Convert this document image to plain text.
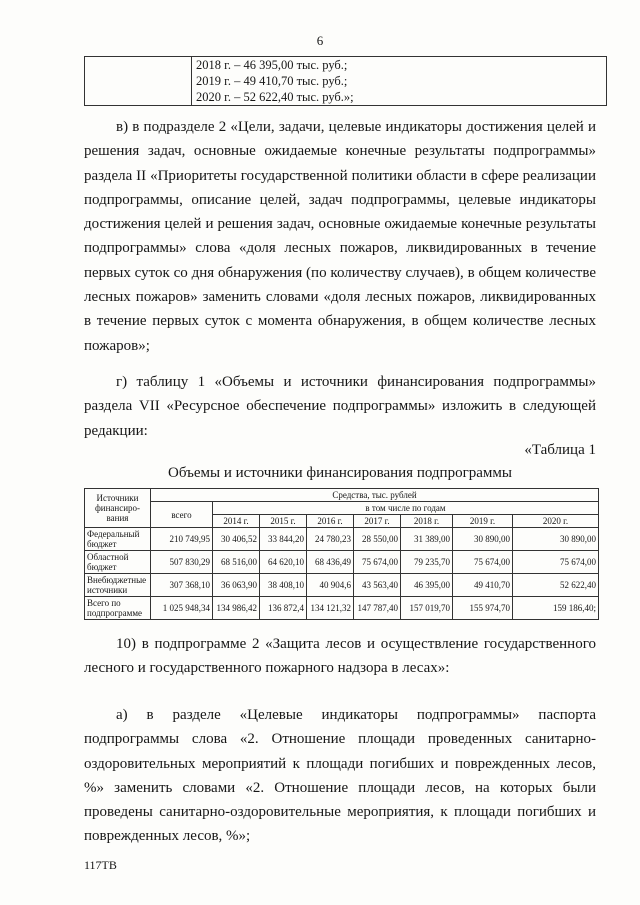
6

2018 г. – 46 395,00 тыс. руб.;
2019 г. – 49 410,70 тыс. руб.;
2020 г. – 52 622,40 тыс. руб.»;

в) в подразделе 2 «Цели, задачи, целевые индикаторы достижения целей и решения задач, основные ожидаемые конечные результаты подпрограммы» раздела II «Приоритеты государственной политики области в сфере реализации подпрограммы, описание целей, задач подпрограммы, целевые индикаторы достижения целей и решения задач, основные ожидаемые конечные результаты подпрограммы» слова «доля лесных пожаров, ликвидированных в течение первых суток со дня обнаружения (по количеству случаев), в общем количестве лесных пожаров» заменить словами «доля лесных пожаров, ликвидированных в течение первых суток с момента обнаружения, в общем количестве лесных пожаров»;

г) таблицу 1 «Объемы и источники финансирования подпрограммы» раздела VII «Ресурсное обеспечение подпрограммы» изложить в следующей редакции:

«Таблица 1
Объемы и источники финансирования подпрограммы
Источники финансиро-вания	Средства, тыс. рублей							
	всего	в том числе по годам						
		2014 г.	2015 г.	2016 г.	2017 г.	2018 г.	2019 г.	2020 г.
Федеральный бюджет	210 749,95	30 406,52	33 844,20	24 780,23	28 550,00	31 389,00	30 890,00	30 890,00
Областной бюджет	507 830,29	68 516,00	64 620,10	68 436,49	75 674,00	79 235,70	75 674,00	75 674,00
Внебюджетные источники	307 368,10	36 063,90	38 408,10	40 904,6	43 563,40	46 395,00	49 410,70	52 622,40
Всего по подпрограмме	1 025 948,34	134 986,42	136 872,4	134 121,32	147 787,40	157 019,70	155 974,70	159 186,40;

10) в подпрограмме 2 «Защита лесов и осуществление государственного лесного и государственного пожарного надзора в лесах»:

а) в разделе «Целевые индикаторы подпрограммы» паспорта подпрограммы слова «2. Отношение площади проведенных санитарно-оздоровительных мероприятий к площади погибших и поврежденных лесов, %» заменить словами «2. Отношение площади лесов, на которых были проведены санитарно-оздоровительные мероприятия, к площади погибших и поврежденных лесов, %»;

117ТВ
